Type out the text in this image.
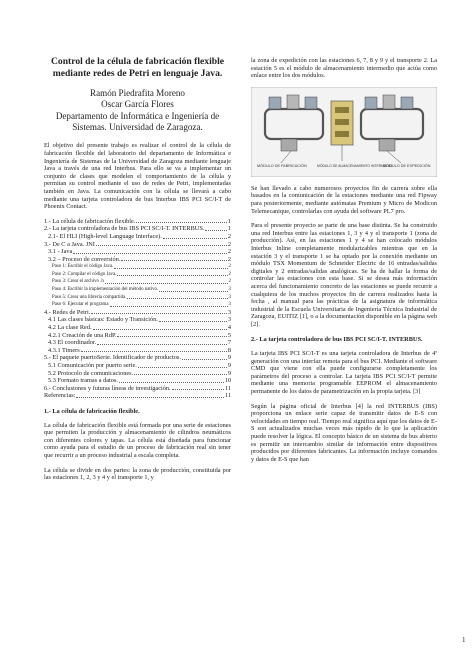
Control de la célula de fabricación flexible mediante redes de Petri en lenguaje Java.
Ramón Piedrafita Moreno
Oscar García Flores
Departamento de Informática e Ingeniería de Sistemas. Universidad de Zaragoza.

El objetivo del presente trabajo es realizar el control de la célula de fabricación flexible del laboratorio del departamento de Informática e Ingeniería de Sistemas de la Universidad de Zaragoza mediante lenguaje Java a través de una red Interbus. Para ello se va a implementar un conjunto de clases que modelen el comportamiento de la célula y permitan su control mediante el uso de redes de Petri, implementadas también en Java. La comunicación con la célula se llevará a cabo mediante una tarjeta controladora de bus Interbus IBS PCI SC/I-T de Phoenix Contact.

1.- La célula de fabricación flexible.	1
2.- La tarjeta controladora de bus IBS PCI SC/I-T. INTERBUS.	1
2.1- El HLI (High-level Language Interface).	2
3.- De C a Java. JNI	2
3.1 - Java	2
3.2 – Proceso de conversión.	2
Paso 1: Escribir el código Java.	2
Paso 2: Compilar el código Java.	2
Paso 3: Crear el archivo .h	2
Paso 4: Escribir la implementación del método nativo.	3
Paso 5: Crear una librería compartida.	3
Paso 6: Ejecutar el programa	3
4.- Redes de Petri.	3
4.1 Las clases básicas: Estado y Transición.	3
4.2 La clase Red.	4
4.2.1 Creación de una RdP.	5
4.3 El coordinador.	7
4.3.1 Timers	8
5.- El paquete puertoSerie. Identificador de productos.	9
5.1 Comunicación por puerto serie.	9
5.2 Protocolo de comunicaciones.	9
5.3 Formato tramas a datos.	10
6.- Conclusiones y futuras líneas de investigación.	11
Referencias:	11
1.- La célula de fabricación flexible.

La célula de fabricación flexible está formada por una serie de estaciones que permiten la producción y almacenamiento de cilindros neumáticos con diferentes colores y tapas. La célula está diseñada para funcionar como ayuda para el estudio de un proceso de fabricación real sin tener que recurrir a un proceso industrial a escala completa.

La célula se divide en dos partes: la zona de producción, constituida por las estaciones 1, 2, 3 y 4 y el transporte 1, y

la zona de expedición con las estaciones 6, 7, 8 y 9 y el transporte 2. La estación 5 es el módulo de almacenamiento intermedio que actúa como enlace entre los dos módulos.

MÓDULO DE FABRICACIÓN	MÓDULO DE ALMACENAMIENTO INTERMEDIO
MÓDULO DE EXPEDICIÓN

Se han llevado a cabo numerosos proyectos fin de carrera sobre ella basados en la comunicación de la estaciones mediante una red Fipway para posteriormente, mediante autómatas Premium y Micro de Modicon Telemecanique, controlarlas con ayuda del software PL7 pro.

Para el presente proyecto se parte de una base distinta. Se ha construido una red Interbus entre las estaciones 1, 3 y 4 y el transporte 1 (zona de producción). Así, en las estaciones 1 y 4 se han colocado módulos Interbus Inline completamente modularizables mientras que en la estación 3 y el transporte 1 se ha optado por la conexión mediante un módulo TSX Momentum de Schneider Electric de 16 entradas/salidas digitales y 2 entradas/salidas analógicas. Se ha de hallar la forma de controlar las estaciones con esta base. Si se desea más información acerca del funcionamiento concreto de las estaciones se puede recurrir a cualquiera de los muchos proyectos fin de carrera realizados hasta la fecha , al manual para las prácticas de la asignatura de informática industrial de la Escuela Universitaria de Ingeniería Técnica Industrial de Zaragoza, EUITIZ [1], o a la documentación disponible en la página web [2].

2.- La tarjeta controladora de bus IBS PCI SC/I-T. INTERBUS.

La tarjeta IBS PCI SC/I-T es una tarjeta controladora de Interbus de 4ª generación con una interfaz remota para el bus PCI. Mediante el software CMD que viene con ella puede configurarse completamente los parámetros del proceso a controlar. La tarjeta IBS PCI SC/I-T permite mediante una memoria programable EEPROM el almacenamiento permanente de los datos de parametrización en la propia tarjeta. [3]

Según la página oficial de Interbus [4] la red INTERBUS (IBS) proporciona un enlace serie capaz de transmitir datos de E-S con velocidades en tiempo real. Tiempo real significa aquí que los datos de E-S son actualizados muchas veces más rápido de lo que la aplicación puede resolver la lógica. El concepto básico de un sistema de bus abierto es permitir un intercambio similar de información entre dispositivos producidos por diferentes fabricantes. La información incluye comandos y datos de E-S que han

1
